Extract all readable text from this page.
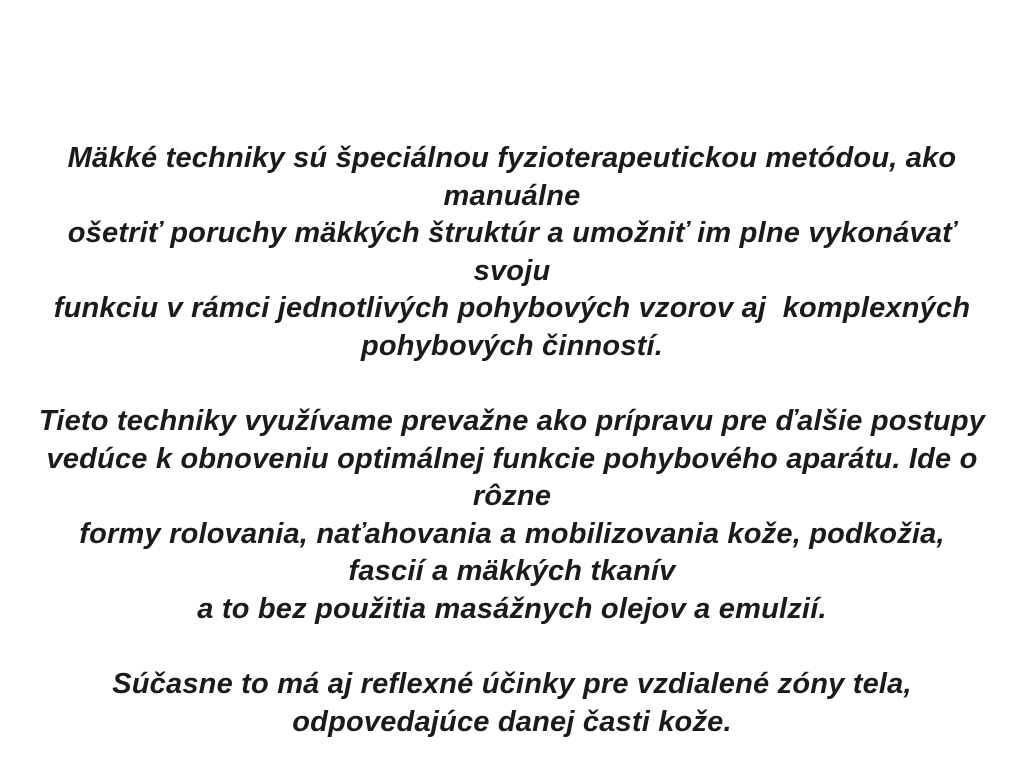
Mäkké techniky sú špeciálnou fyzioterapeutickou metódou, ako manuálne
ošetriť poruchy mäkkých štruktúr a umožniť im plne vykonávať svoju
funkciu v rámci jednotlivých pohybových vzorov aj  komplexných
pohybových činností.
Tieto techniky využívame prevažne ako prípravu pre ďalšie postupy
vedúce k obnoveniu optimálnej funkcie pohybového aparátu. Ide o rôzne
formy rolovania, naťahovania a mobilizovania kože, podkožia,
fascií a mäkkých tkanív
a to bez použitia masážnych olejov a emulzií.
Súčasne to má aj reflexné účinky pre vzdialené zóny tela,
odpovedajúce danej časti kože.
